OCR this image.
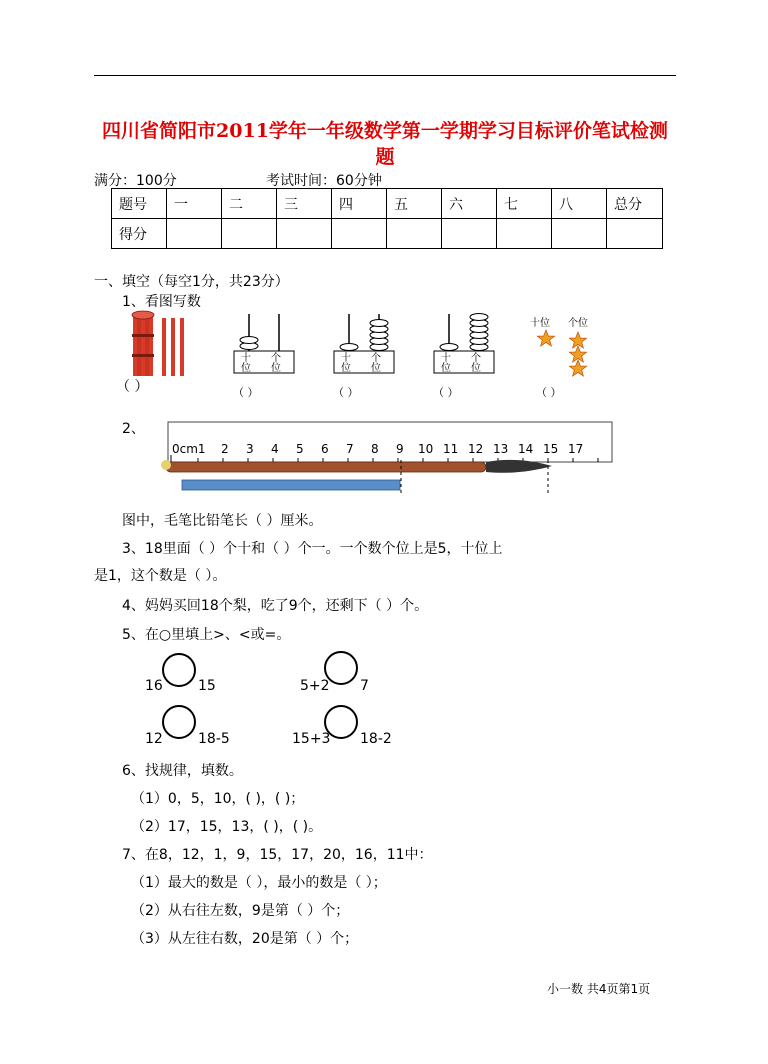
四川省简阳市2011学年一年级数学第一学期学习目标评价笔试检测题
满分：100分	考试时间：60分钟
题号	一	二	三	四	五	六	七	八	总分
得分									
一、填空（每空1分，共23分）
1、看图写数
（ ）
十
位
个
位
十
位
个
位
十
位
个
位
十位 个位
（ ）	（ ）	（ ）	（ ）
2、
0cm1 2 3 4 5 6 7 8 9 10 11 12 13 14 15 17
图中，毛笔比铅笔长（ ）厘米。
3、18里面（ ）个十和（ ）个一。一个数个位上是5，十位上
是1，这个数是（ ）。
4、妈妈买回18个梨，吃了9个，还剩下（ ）个。
5、在○里填上>、<或=。
16	15	5+2 7
12	18-5	15+3 18-2
6、找规律，填数。
（1）0，5，10，( )，( )；
（2）17，15，13，( )，( )。
7、在8，12，1，9，15，17，20，16，11中：
（1）最大的数是（ ），最小的数是（ ）；
（2）从右往左数，9是第（ ）个；
（3）从左往右数，20是第（ ）个；
小一数 共4页第1页
